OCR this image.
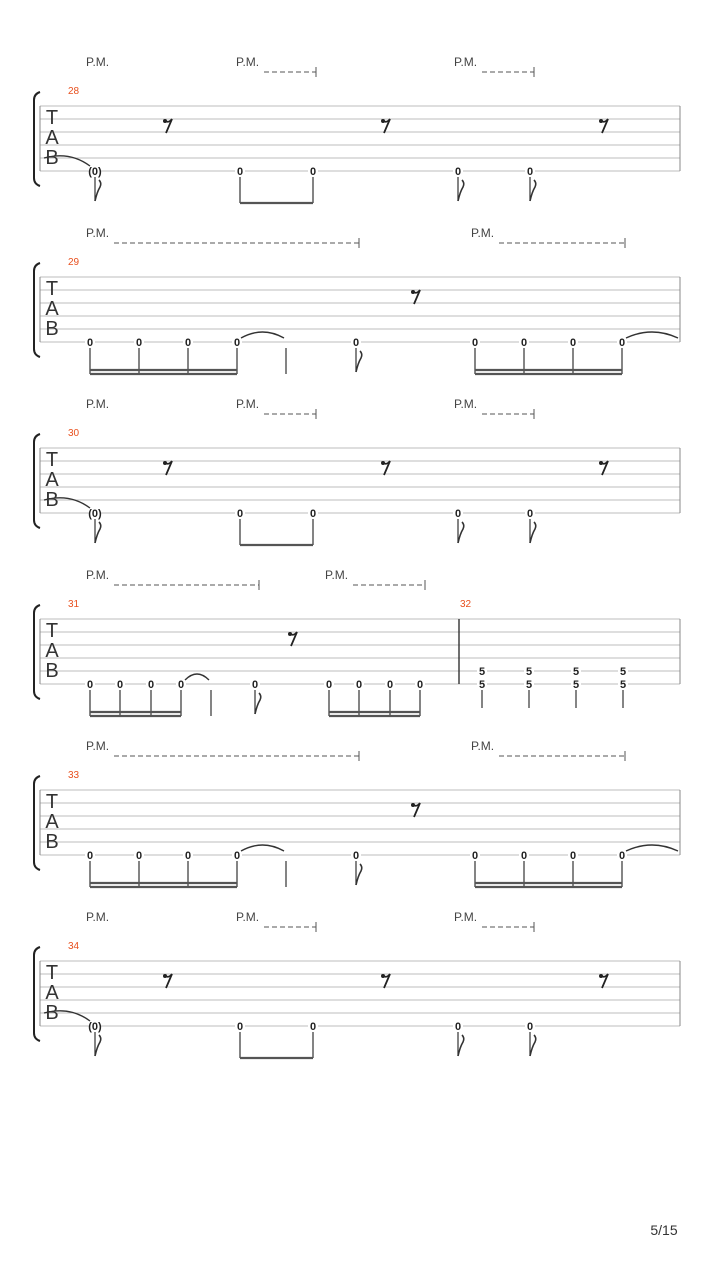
T
A
B
28
P.M.	P.M.	P.M.
(0)	0	0	0	0
T
A
B
29
P.M.	P.M.
0	0	0	0	0	0	0	0	0
T
A
B
30
P.M.	P.M.	P.M.
(0)	0	0	0	0
T
A
B
31	32
P.M.	P.M.
0 0 0 0	0	0 0 0 0
5
5
5
5
5
5
5
5
T
A
B
33
P.M.	P.M.
0	0	0	0	0	0	0	0	0
T
A
B
34
P.M.	P.M.	P.M.
(0)	0	0	0	0
5/15
